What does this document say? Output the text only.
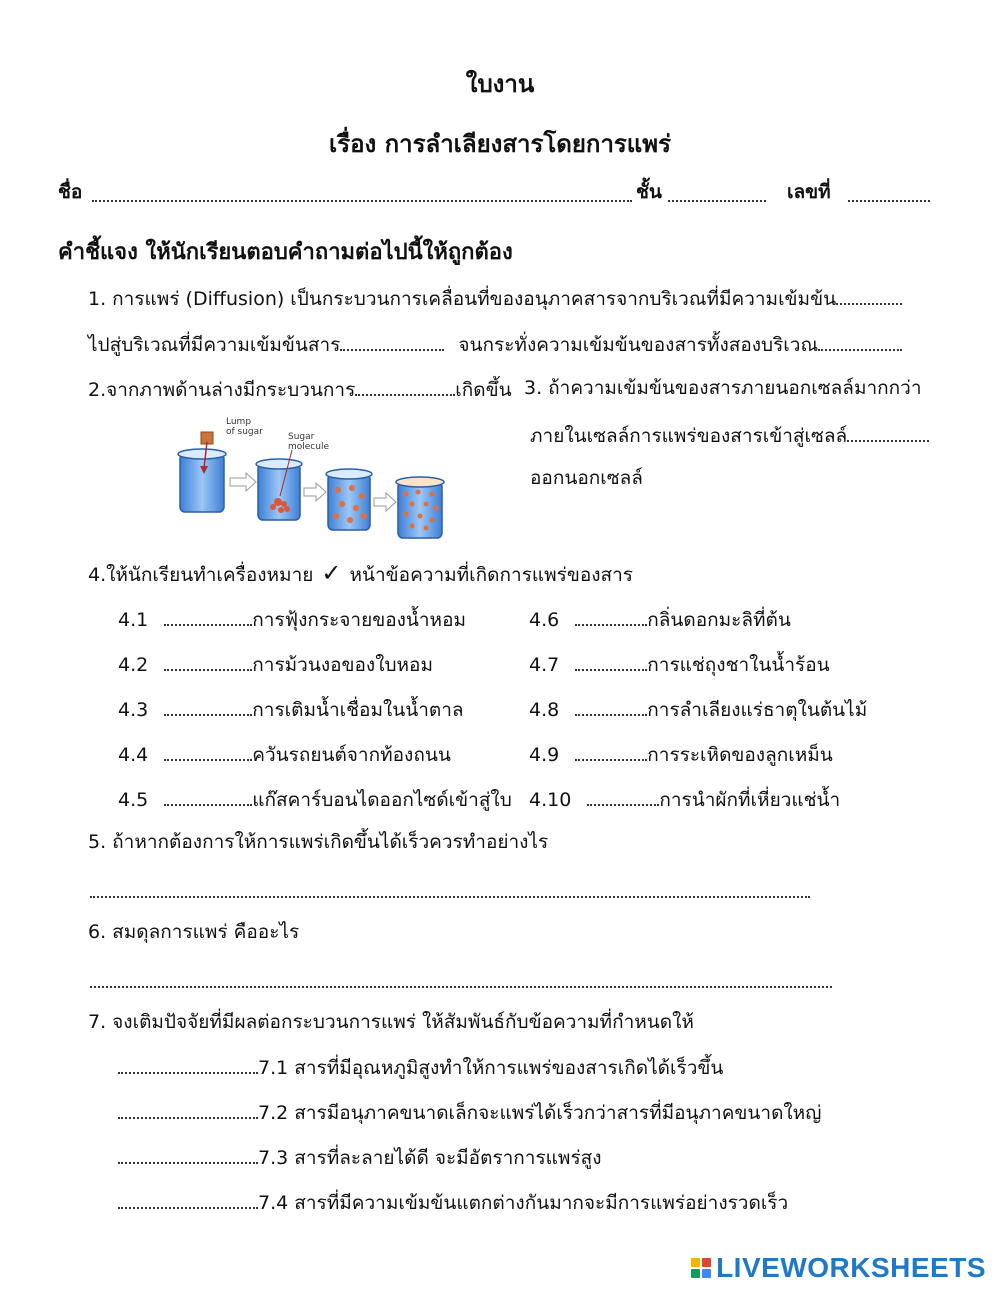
ใบงาน
เรื่อง การลำเลียงสารโดยการแพร่
ชื่อ	ชั้น	เลขที่
คำชี้แจง ให้นักเรียนตอบคำถามต่อไปนี้ให้ถูกต้อง
1. การแพร่ (Diffusion) เป็นกระบวนการเคลื่อนที่ของอนุภาคสารจากบริเวณที่มีความเข้มข้น
ไปสู่บริเวณที่มีความเข้มข้นสาร	จนกระทั่งความเข้มข้นของสารทั้งสองบริเวณ
2.จากภาพด้านล่างมีกระบวนการ	เกิดขึ้น
Lump
of sugar	Sugar
molecule
3. ถ้าความเข้มข้นของสารภายนอกเซลล์มากกว่า
ภายในเซลล์การแพร่ของสารเข้าสู่เซลล์
ออกนอกเซลล์
4.ให้นักเรียนทำเครื่องหมาย ✓ หน้าข้อความที่เกิดการแพร่ของสาร
4.1	การฟุ้งกระจายของน้ำหอม
4.2	การม้วนงอของใบหอม
4.3	การเติมน้ำเชื่อมในน้ำตาล
4.4	ควันรถยนต์จากท้องถนน
4.5	แก๊สคาร์บอนไดออกไซด์เข้าสู่ใบ
4.6	กลิ่นดอกมะลิที่ต้น
4.7	การแช่ถุงชาในน้ำร้อน
4.8	การลำเลียงแร่ธาตุในต้นไม้
4.9	การระเหิดของลูกเหม็น
4.10	การนำผักที่เหี่ยวแช่น้ำ
5. ถ้าหากต้องการให้การแพร่เกิดขึ้นได้เร็วควรทำอย่างไร
6. สมดุลการแพร่ คืออะไร
7. จงเติมปัจจัยที่มีผลต่อกระบวนการแพร่ ให้สัมพันธ์กับข้อความที่กำหนดให้
7.1 สารที่มีอุณหภูมิสูงทำให้การแพร่ของสารเกิดได้เร็วขึ้น
7.2 สารมีอนุภาคขนาดเล็กจะแพร่ได้เร็วกว่าสารที่มีอนุภาคขนาดใหญ่
7.3 สารที่ละลายได้ดี จะมีอัตราการแพร่สูง
7.4 สารที่มีความเข้มข้นแตกต่างกันมากจะมีการแพร่อย่างรวดเร็ว
LIVEWORKSHEETS
